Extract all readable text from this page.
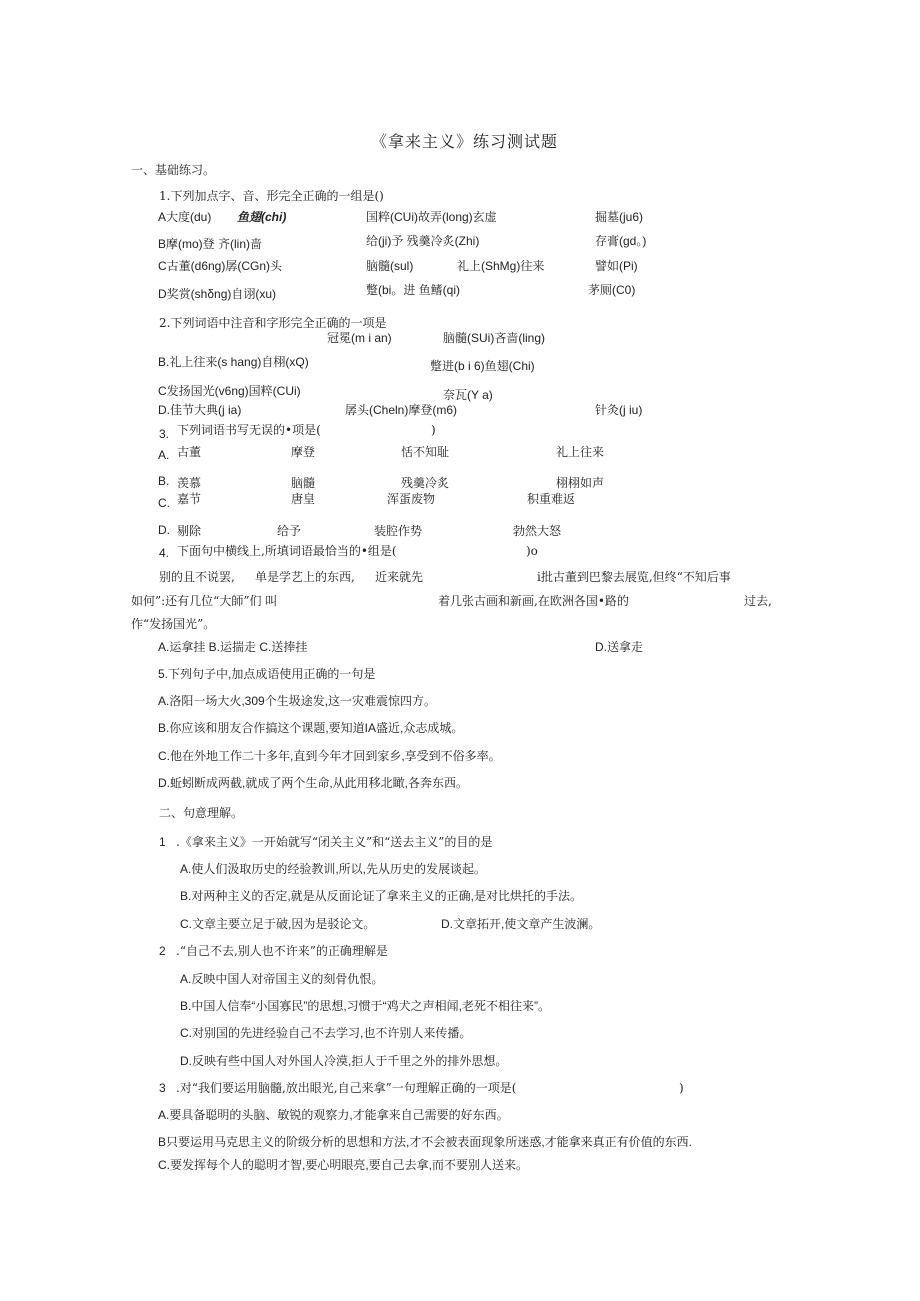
《拿来主义》练习测试题
一、基础练习。
1.下列加点字、音、形完全正确的一组是()
A大度(du) 鱼翅(chi)	国粹(CUi)故弄(long)玄虚	掘墓(ju6)
B摩(mo)登 齐(lin)啬	给(ji)予 残羹冷炙(Zhi)	存膏(gd。)
C古董(d6ng)孱(CGn)头	脑髓(sul)	礼上(ShMg)往来	譬如(Pi)
D奖赏(shδng)自诩(xu)	蹩(bi。进 鱼鳍(qi)	茅厕(C0)
2.下列词语中注音和字形完全正确的一项是
冠冕(m i an)	脑髓(SUi)吝啬(ling)
B.礼上往来(s hang)自栩(xQ)	蹩进(b i 6)鱼翅(Chi)
C发扬国光(v6ng)国粹(CUi)	奈瓦(Y a)
D.佳节大典(j ia)	孱头(Cheln)摩登(m6)	针灸(j iu)
3. 下列词语书写无误的•项是(	)
A. 古董	摩登	恬不知耻	礼上往来
B. 羡慕	脑髓	残羹冷炙	栩栩如声
C. 嘉节	唐皇	浑蛋废物	积重难返
D. 剔除	给予	装腔作势	勃然大怒
4. 下面句中横线上,所填词语最恰当的•组是(	)o
别的且不说罢, 单是学艺上的东西, 近来就先	i批古董到巴黎去展览,但终“不知后事
如何”:还有几位“大師”们 叫	着几张古画和新画,在欧洲各国•路的	过去,
作“发扬国光”。
A.运拿挂 B.运揣走 C.送捧挂	D.送拿走
5.下列句子中,加点成语使用正确的一句是
A.洛阳一场大火,309个生圾途发,这一灾难震惊四方。
B.你应该和朋友合作搞这个课题,要知道IA盛近,众志成城。
C.他在外地工作二十多年,直到今年才回到家乡,享受到不俗多率。
D.蚯蚓断成两截,就成了两个生命,从此用移北瞰,各奔东西。
二、句意理解。
1 .《拿来主义》一开始就写“闭关主义”和“送去主义”的目的是
A.使人们汲取历史的经验教训,所以,先从历史的发展谈起。
B.对两种主义的否定,就是从反面论证了拿来主义的正确,是对比烘托的手法。
C.文章主要立足于破,因为是驳论文。	D.文章拓开,使文章产生波澜。
2 .“自己不去,别人也不许来”的正确理解是
A.反映中国人对帝国主义的刻骨仇恨。
B.中国人信奉“小国寡民”的思想,习惯于“鸡犬之声相闻,老死不相往来”。
C.对别国的先进经验自己不去学习,也不许别人来传播。
D.反映有些中国人对外国人冷漠,拒人于千里之外的排外思想。
3 .对“我们要运用脑髓,放出眼光,自己来拿”一句理解正确的一项是(	)
A.要具备聪明的头脑、敏锐的观察力,才能拿来自己需要的好东西。
B只要运用马克思主义的阶级分析的思想和方法,才不会被表面现象所迷惑,才能拿来真正有价值的东西.
C.要发挥每个人的聪明才智,要心明眼亮,要自己去拿,而不要别人送来。
